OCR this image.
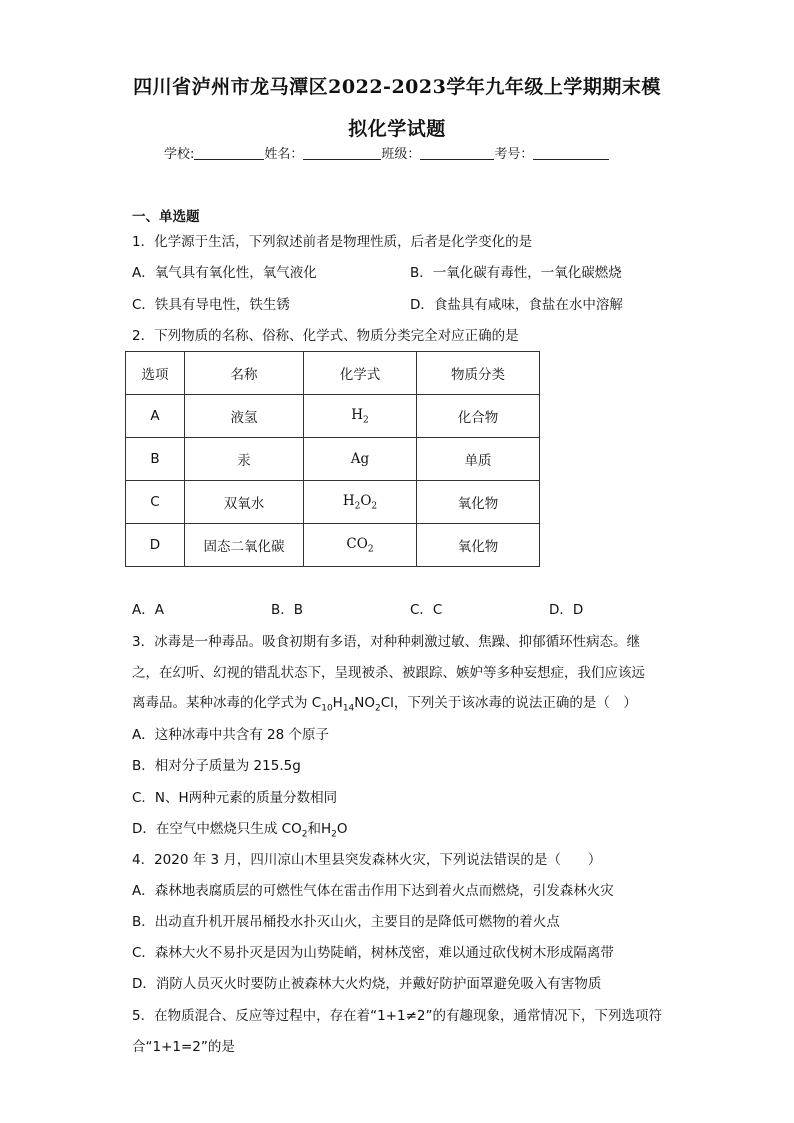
四川省泸州市龙马潭区2022-2023学年九年级上学期期末模
拟化学试题
学校:	姓名：	班级：	考号：
一、单选题
1．化学源于生活，下列叙述前者是物理性质，后者是化学变化的是
A．氧气具有氧化性，氧气液化	B．一氧化碳有毒性，一氧化碳燃烧
C．铁具有导电性，铁生锈	D．食盐具有咸味，食盐在水中溶解
2．下列物质的名称、俗称、化学式、物质分类完全对应正确的是
选项	名称	化学式	物质分类
A	液氢	$H_2$	化合物
B	汞	Ag	单质
C	双氧水	$H_2O_2$	氧化物
D	固态二氧化碳	$CO_2$	氧化物
A．A	B．B	C．C	D．D
3．冰毒是一种毒品。吸食初期有多语，对种种刺激过敏、焦躁、抑郁循环性病态。继
之，在幻听、幻视的错乱状态下，呈现被杀、被跟踪、嫉妒等多种妄想症，我们应该远
离毒品。某种冰毒的化学式为 $C_{10}H_{14}NO_2Cl$，下列关于该冰毒的说法正确的是（　）
A．这种冰毒中共含有 28 个原子
B．相对分子质量为 215.5g
C．N、H两种元素的质量分数相同
D．在空气中燃烧只生成 $CO_2$和$H_2O$
4．2020 年 3 月，四川凉山木里县突发森林火灾，下列说法错误的是（　　）
A．森林地表腐质层的可燃性气体在雷击作用下达到着火点而燃烧，引发森林火灾
B．出动直升机开展吊桶投水扑灭山火，主要目的是降低可燃物的着火点
C．森林大火不易扑灭是因为山势陡峭，树林茂密，难以通过砍伐树木形成隔离带
D．消防人员灭火时要防止被森林大火灼烧，并戴好防护面罩避免吸入有害物质
5．在物质混合、反应等过程中，存在着“1+1≠2”的有趣现象，通常情况下，下列选项符
合“1+1=2”的是
